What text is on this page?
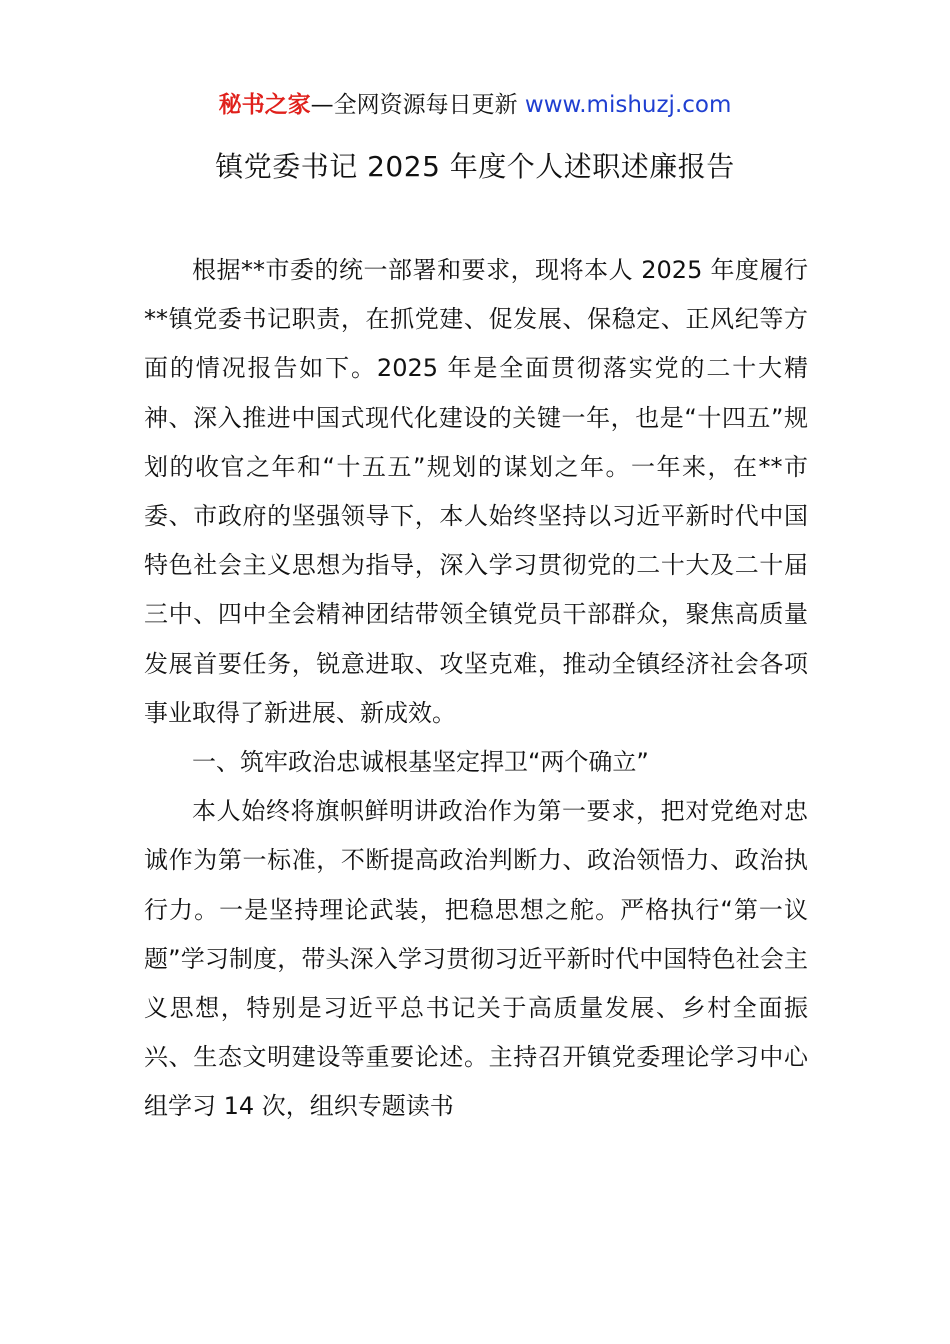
秘书之家—全网资源每日更新 www.mishuzj.com
镇党委书记 2025 年度个人述职述廉报告

根据**市委的统一部署和要求，现将本人 2025 年度履行**镇党委书记职责，在抓党建、促发展、保稳定、正风纪等方面的情况报告如下。2025 年是全面贯彻落实党的二十大精神、深入推进中国式现代化建设的关键一年，也是“十四五”规划的收官之年和“十五五”规划的谋划之年。一年来，在**市委、市政府的坚强领导下，本人始终坚持以习近平新时代中国特色社会主义思想为指导，深入学习贯彻党的二十大及二十届三中、四中全会精神团结带领全镇党员干部群众，聚焦高质量发展首要任务，锐意进取、攻坚克难，推动全镇经济社会各项事业取得了新进展、新成效。

一、筑牢政治忠诚根基坚定捍卫“两个确立”

本人始终将旗帜鲜明讲政治作为第一要求，把对党绝对忠诚作为第一标准，不断提高政治判断力、政治领悟力、政治执行力。一是坚持理论武装，把稳思想之舵。严格执行“第一议题”学习制度，带头深入学习贯彻习近平新时代中国特色社会主义思想，特别是习近平总书记关于高质量发展、乡村全面振兴、生态文明建设等重要论述。主持召开镇党委理论学习中心组学习 14 次，组织专题读书
